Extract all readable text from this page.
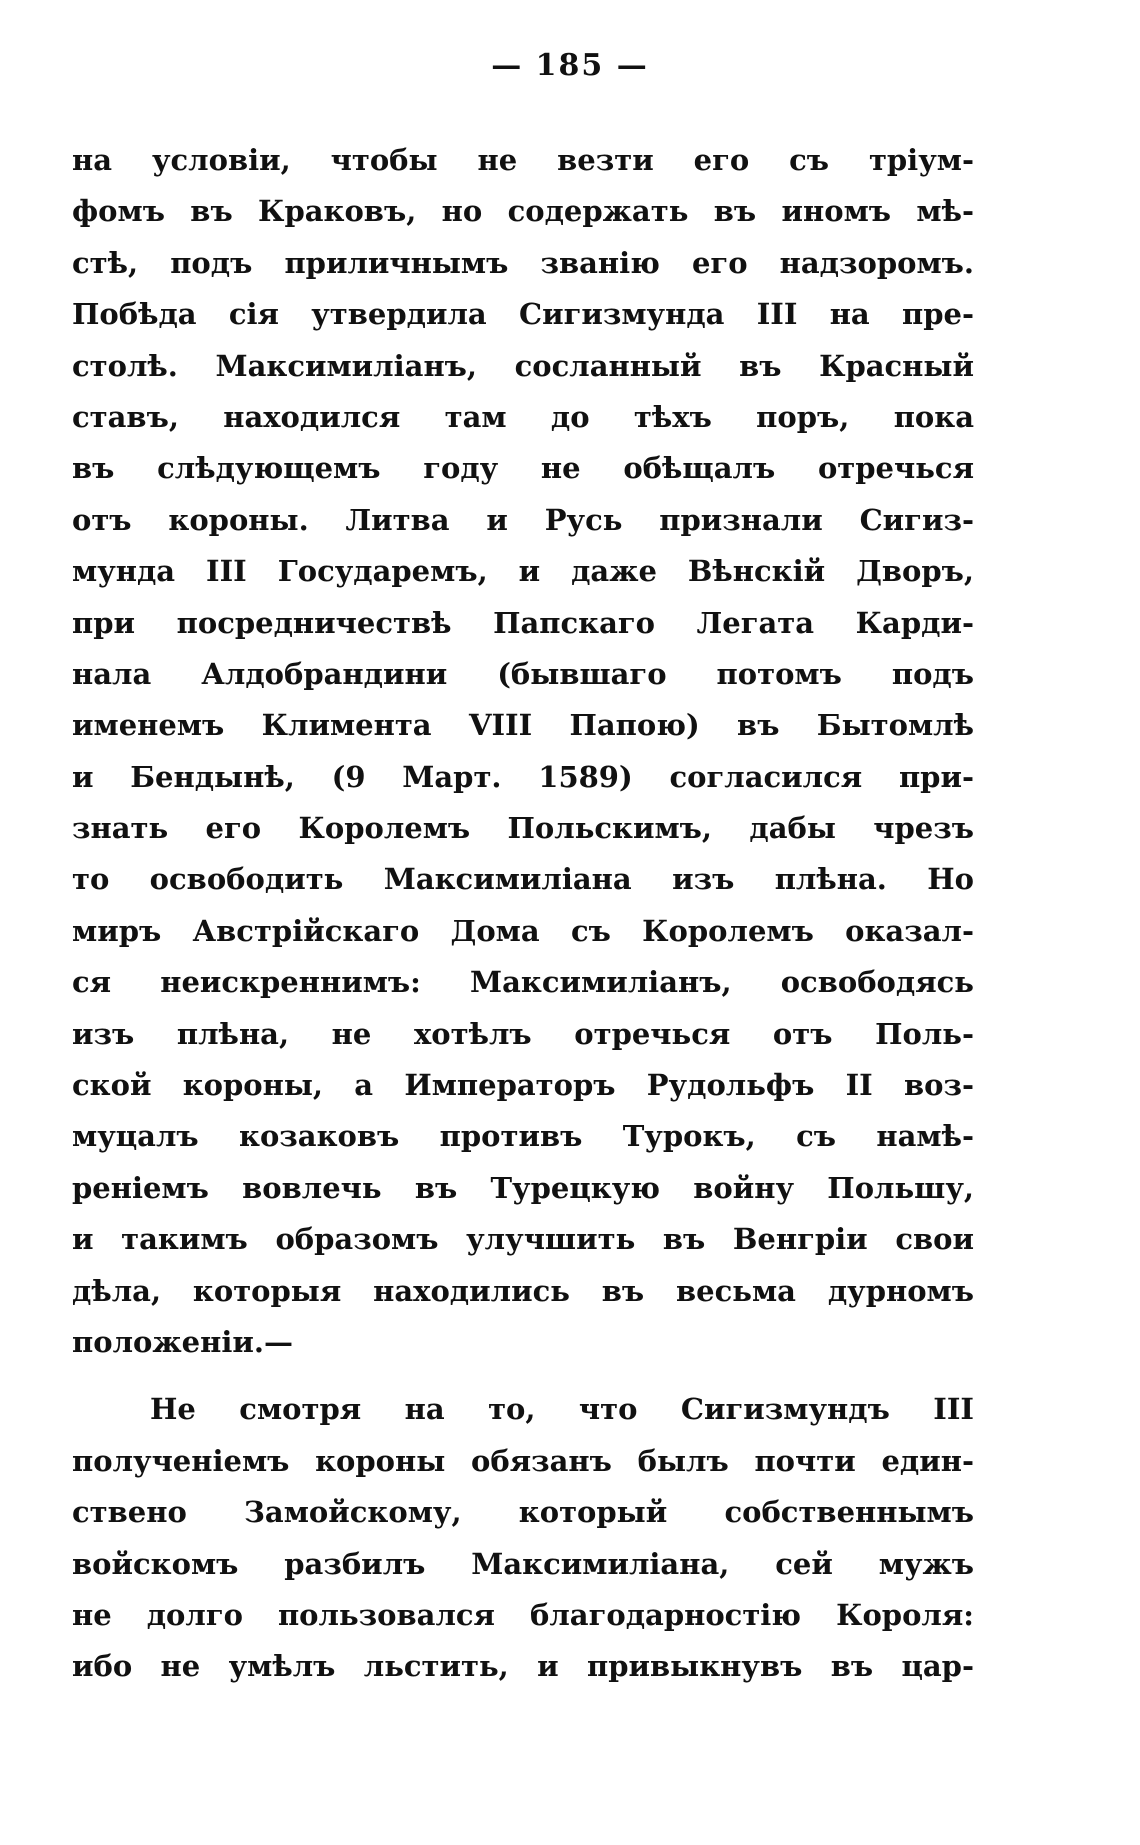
— 185 —
на условіи, чтобы не везти его съ тріум-
фомъ въ Краковъ, но содержать въ иномъ мѣ-
стѣ, подъ приличнымъ званію его надзоромъ.
Побѣда сія утвердила Сигизмунда III на пре-
столѣ. Максимиліанъ, сосланный въ Красный
ставъ, находился там до тѣхъ поръ, пока
въ слѣдующемъ году не обѣщалъ отречься
отъ короны. Литва и Русь признали Сигиз-
мунда III Государемъ, и даже Вѣнскій Дворъ,
при посредничествѣ Папскаго Легата Карди-
нала Алдобрандини (бывшаго потомъ подъ
именемъ Климента VIII Папою) въ Бытомлѣ
и Бендынѣ, (9 Март. 1589) согласился при-
знать его Королемъ Польскимъ, дабы чрезъ
то освободить Максимиліана изъ плѣна. Но
миръ Австрійскаго Дома съ Королемъ оказал-
ся неискреннимъ: Максимиліанъ, освободясь
изъ плѣна, не хотѣлъ отречься отъ Поль-
ской короны, а Императоръ Рудольфъ II воз-
муцалъ козаковъ противъ Турокъ, съ намѣ-
реніемъ вовлечь въ Турецкую войну Польшу,
и такимъ образомъ улучшить въ Венгріи свои
дѣла, которыя находились въ весьма дурномъ
положеніи.—
Не смотря на то, что Сигизмундъ III
полученіемъ короны обязанъ былъ почти един-
ствено Замойскому, который собственнымъ
войскомъ разбилъ Максимиліана, сей мужъ
не долго пользовался благодарностію Короля:
ибо не умѣлъ льстить, и привыкнувъ въ цар-
